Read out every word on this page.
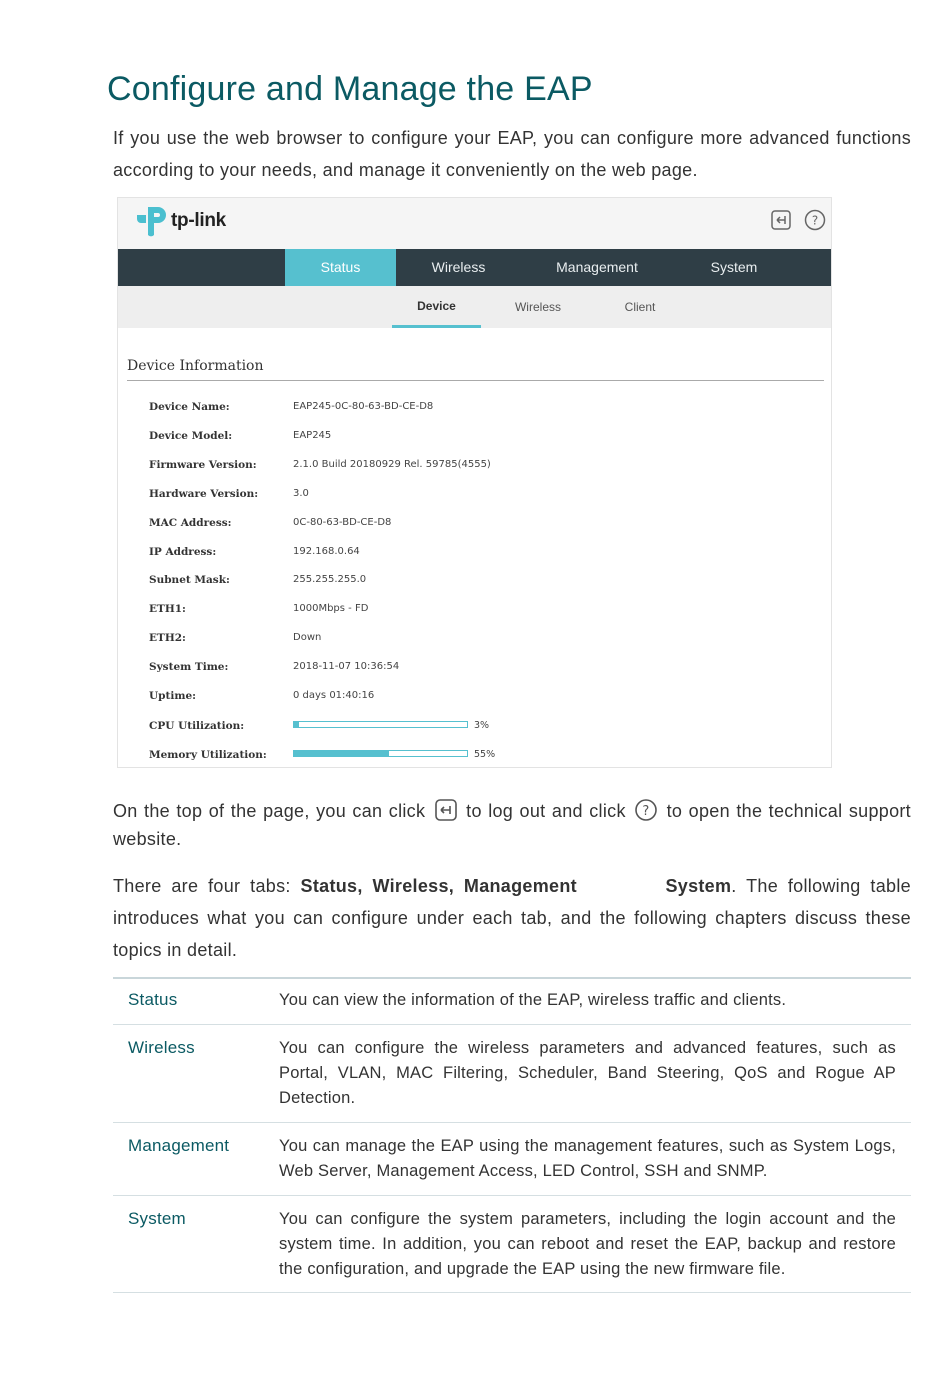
Configure and Manage the EAP

If you use the web browser to configure your EAP, you can configure more advanced functions according to your needs, and manage it conveniently on the web page.

tp-link	?
Status	Wireless	Management	System
Device	Wireless	Client
Device Information
Device Name:	EAP245-0C-80-63-BD-CE-D8
Device Model:	EAP245
Firmware Version:	2.1.0 Build 20180929 Rel. 59785(4555)
Hardware Version:	3.0
MAC Address:	0C-80-63-BD-CE-D8
IP Address:	192.168.0.64
Subnet Mask:	255.255.255.0
ETH1:	1000Mbps - FD
ETH2:	Down
System Time:	2018-11-07 10:36:54
Uptime:	0 days 01:40:16
CPU Utilization:	3%
Memory Utilization:	55%

On the top of the page, you can click to log out and click ? to open the technical support website.

There are four tabs: Status, Wireless, Management	System. The following table introduces what you can configure under each tab, and the following chapters discuss these topics in detail.

Status	You can view the information of the EAP, wireless traffic and clients.
Wireless	You can configure the wireless parameters and advanced features, such as Portal, VLAN, MAC Filtering, Scheduler, Band Steering, QoS and Rogue AP Detection.
Management	You can manage the EAP using the management features, such as System Logs, Web Server, Management Access, LED Control, SSH and SNMP.
System	You can configure the system parameters, including the login account and the system time. In addition, you can reboot and reset the EAP, backup and restore the configuration, and upgrade the EAP using the new firmware file.
